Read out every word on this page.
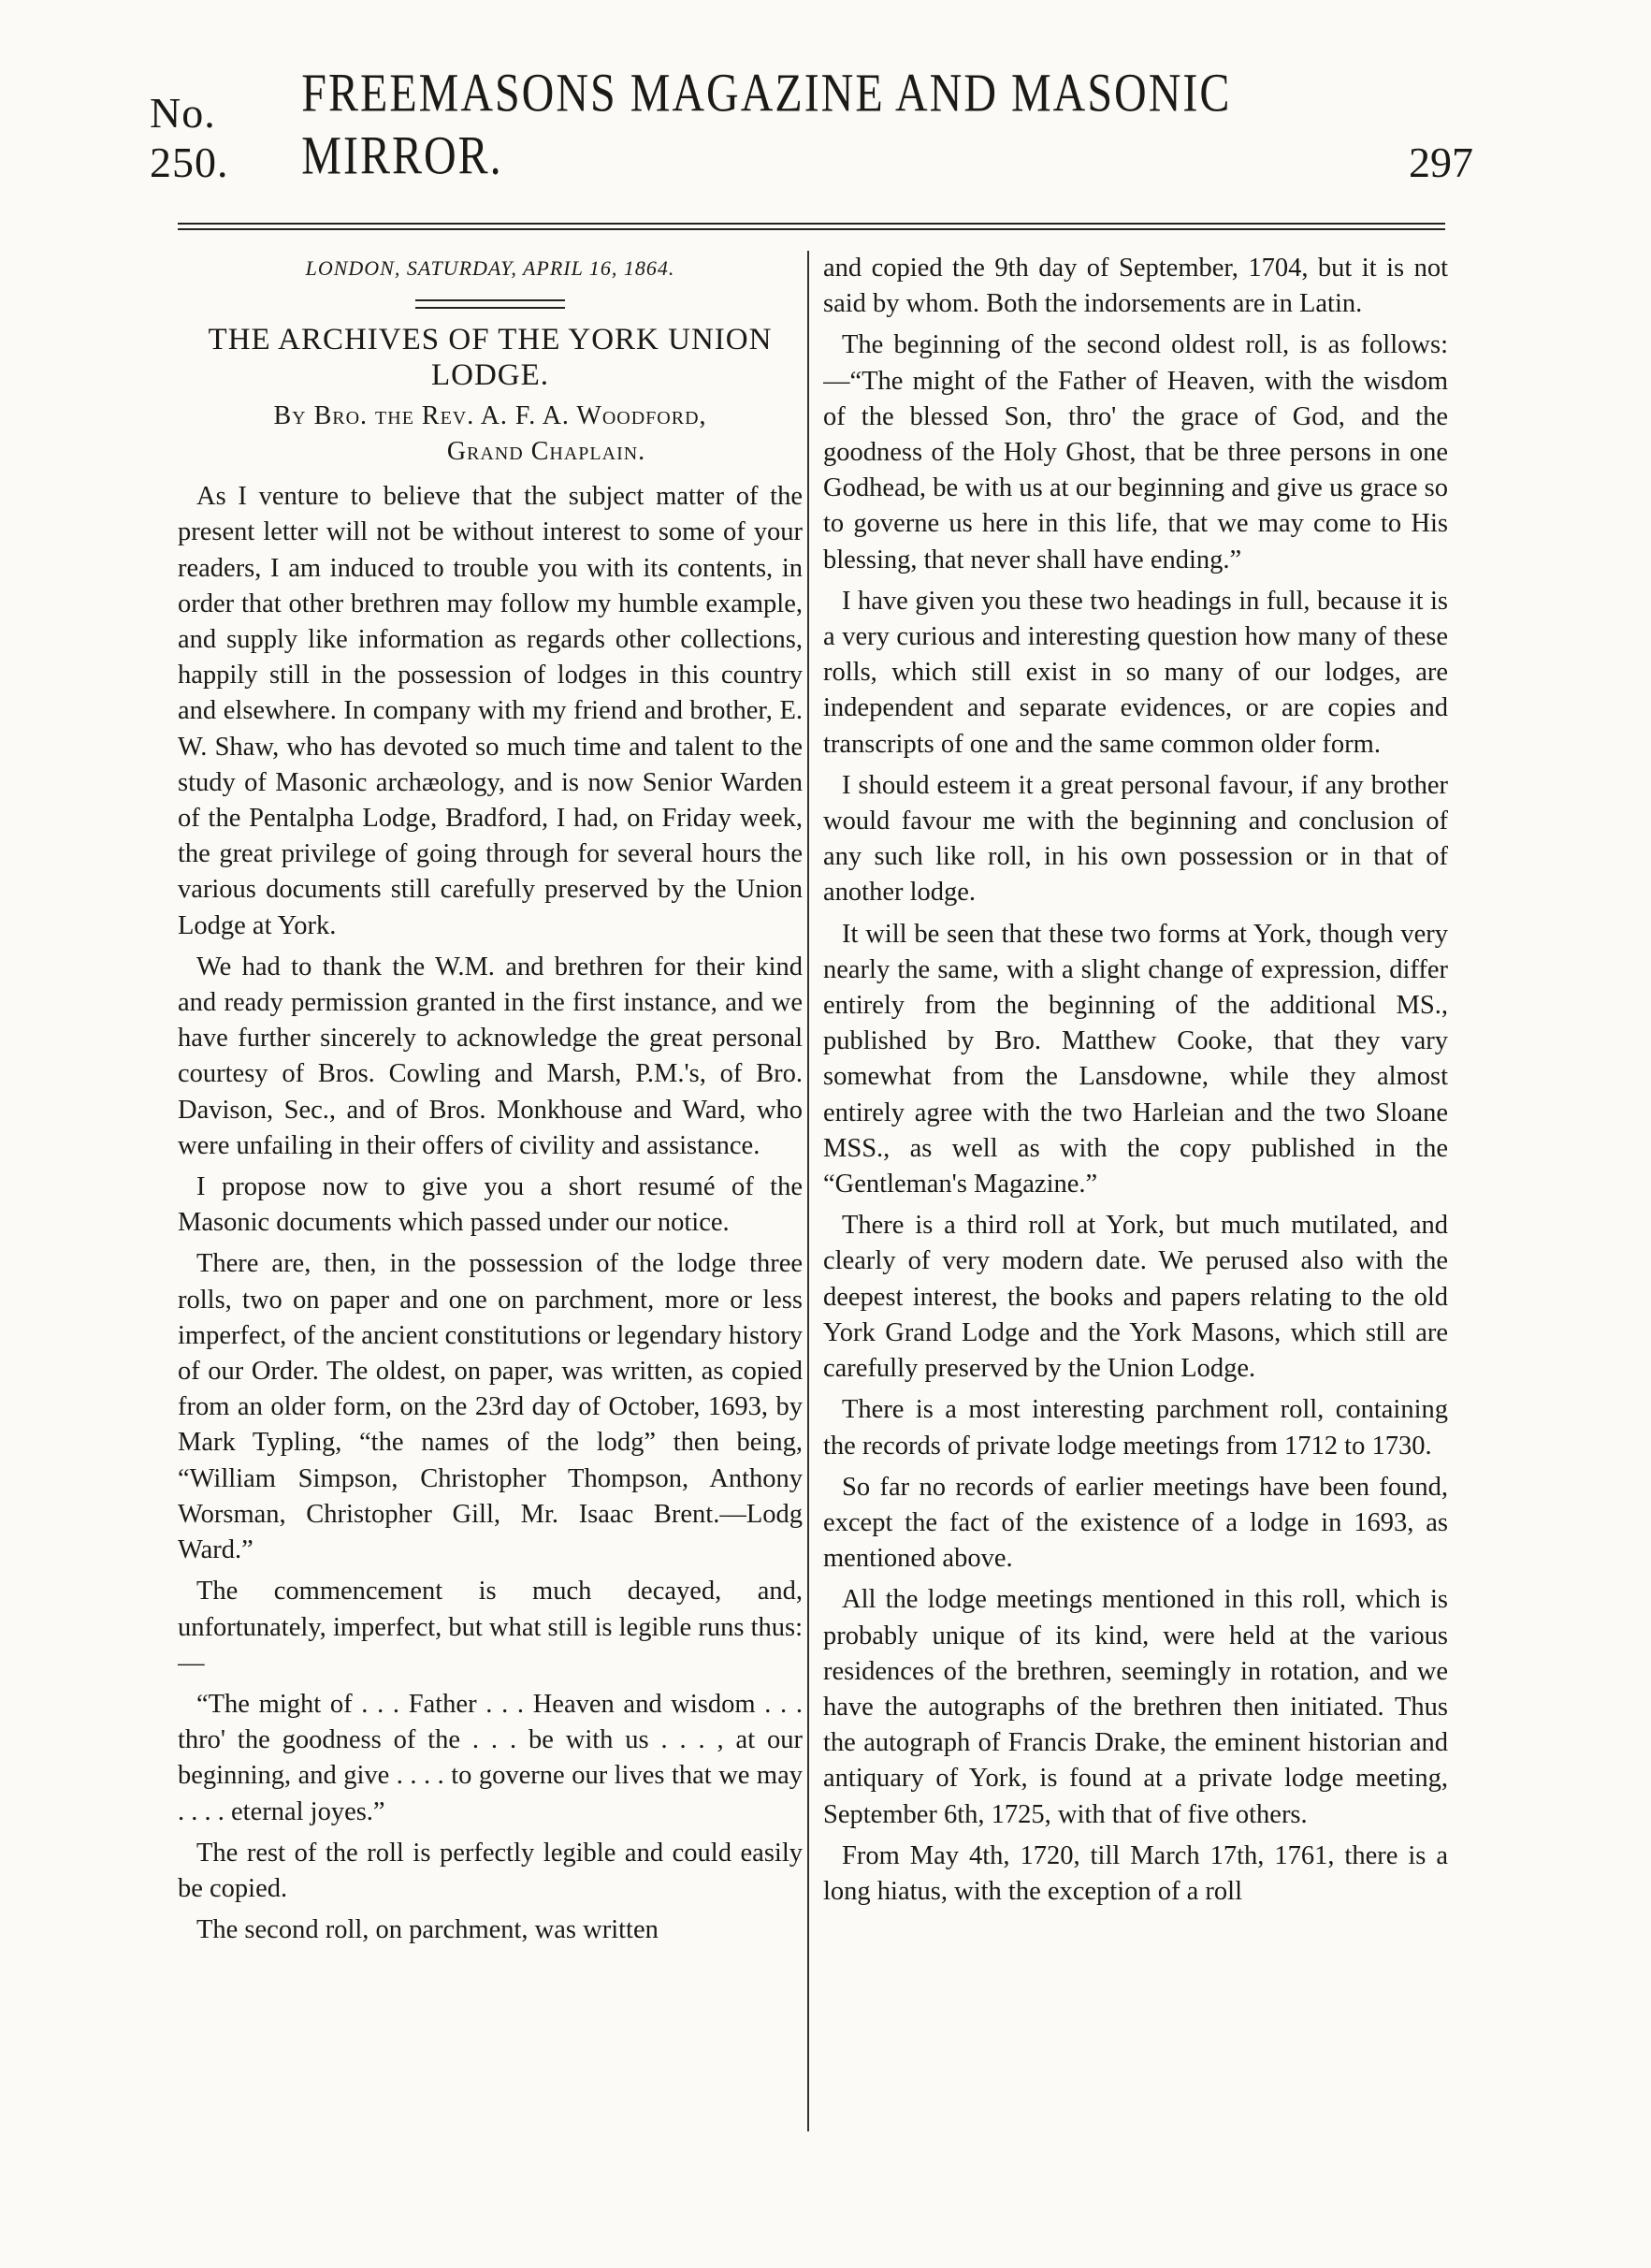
No. 250.
FREEMASONS MAGAZINE AND MASONIC MIRROR.	297
LONDON, SATURDAY, APRIL 16, 1864.
THE ARCHIVES OF THE YORK UNION LODGE.
By Bro. the Rev. A. F. A. Woodford,
Grand Chaplain.

As I venture to believe that the subject matter of the present letter will not be without interest to some of your readers, I am induced to trouble you with its contents, in order that other brethren may follow my humble example, and supply like information as regards other collections, happily still in the possession of lodges in this country and elsewhere. In company with my friend and brother, E. W. Shaw, who has devoted so much time and talent to the study of Masonic archæology, and is now Senior Warden of the Pentalpha Lodge, Bradford, I had, on Friday week, the great privilege of going through for several hours the various documents still carefully preserved by the Union Lodge at York.

We had to thank the W.M. and brethren for their kind and ready permission granted in the first instance, and we have further sincerely to acknowledge the great personal courtesy of Bros. Cowling and Marsh, P.M.'s, of Bro. Davison, Sec., and of Bros. Monkhouse and Ward, who were unfailing in their offers of civility and assistance.

I propose now to give you a short resumé of the Masonic documents which passed under our notice.

There are, then, in the possession of the lodge three rolls, two on paper and one on parchment, more or less imperfect, of the ancient constitutions or legendary history of our Order. The oldest, on paper, was written, as copied from an older form, on the 23rd day of October, 1693, by Mark Typling, “the names of the lodg” then being, “William Simpson, Christopher Thompson, Anthony Worsman, Christopher Gill, Mr. Isaac Brent.—Lodg Ward.”

The commencement is much decayed, and, unfortunately, imperfect, but what still is legible runs thus:—

“The might of . . . Father . . . Heaven and wisdom . . . thro' the goodness of the . . . be with us . . . , at our beginning, and give . . . . to governe our lives that we may . . . . eternal joyes.”

The rest of the roll is perfectly legible and could easily be copied.

The second roll, on parchment, was written

and copied the 9th day of September, 1704, but it is not said by whom. Both the indorsements are in Latin.

The beginning of the second oldest roll, is as follows:—“The might of the Father of Heaven, with the wisdom of the blessed Son, thro' the grace of God, and the goodness of the Holy Ghost, that be three persons in one Godhead, be with us at our beginning and give us grace so to governe us here in this life, that we may come to His blessing, that never shall have ending.”

I have given you these two headings in full, because it is a very curious and interesting question how many of these rolls, which still exist in so many of our lodges, are independent and separate evidences, or are copies and transcripts of one and the same common older form.

I should esteem it a great personal favour, if any brother would favour me with the beginning and conclusion of any such like roll, in his own possession or in that of another lodge.

It will be seen that these two forms at York, though very nearly the same, with a slight change of expression, differ entirely from the beginning of the additional MS., published by Bro. Matthew Cooke, that they vary somewhat from the Lansdowne, while they almost entirely agree with the two Harleian and the two Sloane MSS., as well as with the copy published in the “Gentleman's Magazine.”

There is a third roll at York, but much mutilated, and clearly of very modern date. We perused also with the deepest interest, the books and papers relating to the old York Grand Lodge and the York Masons, which still are carefully preserved by the Union Lodge.

There is a most interesting parchment roll, containing the records of private lodge meetings from 1712 to 1730.

So far no records of earlier meetings have been found, except the fact of the existence of a lodge in 1693, as mentioned above.

All the lodge meetings mentioned in this roll, which is probably unique of its kind, were held at the various residences of the brethren, seemingly in rotation, and we have the autographs of the brethren then initiated. Thus the autograph of Francis Drake, the eminent historian and antiquary of York, is found at a private lodge meeting, September 6th, 1725, with that of five others.

From May 4th, 1720, till March 17th, 1761, there is a long hiatus, with the exception of a roll
